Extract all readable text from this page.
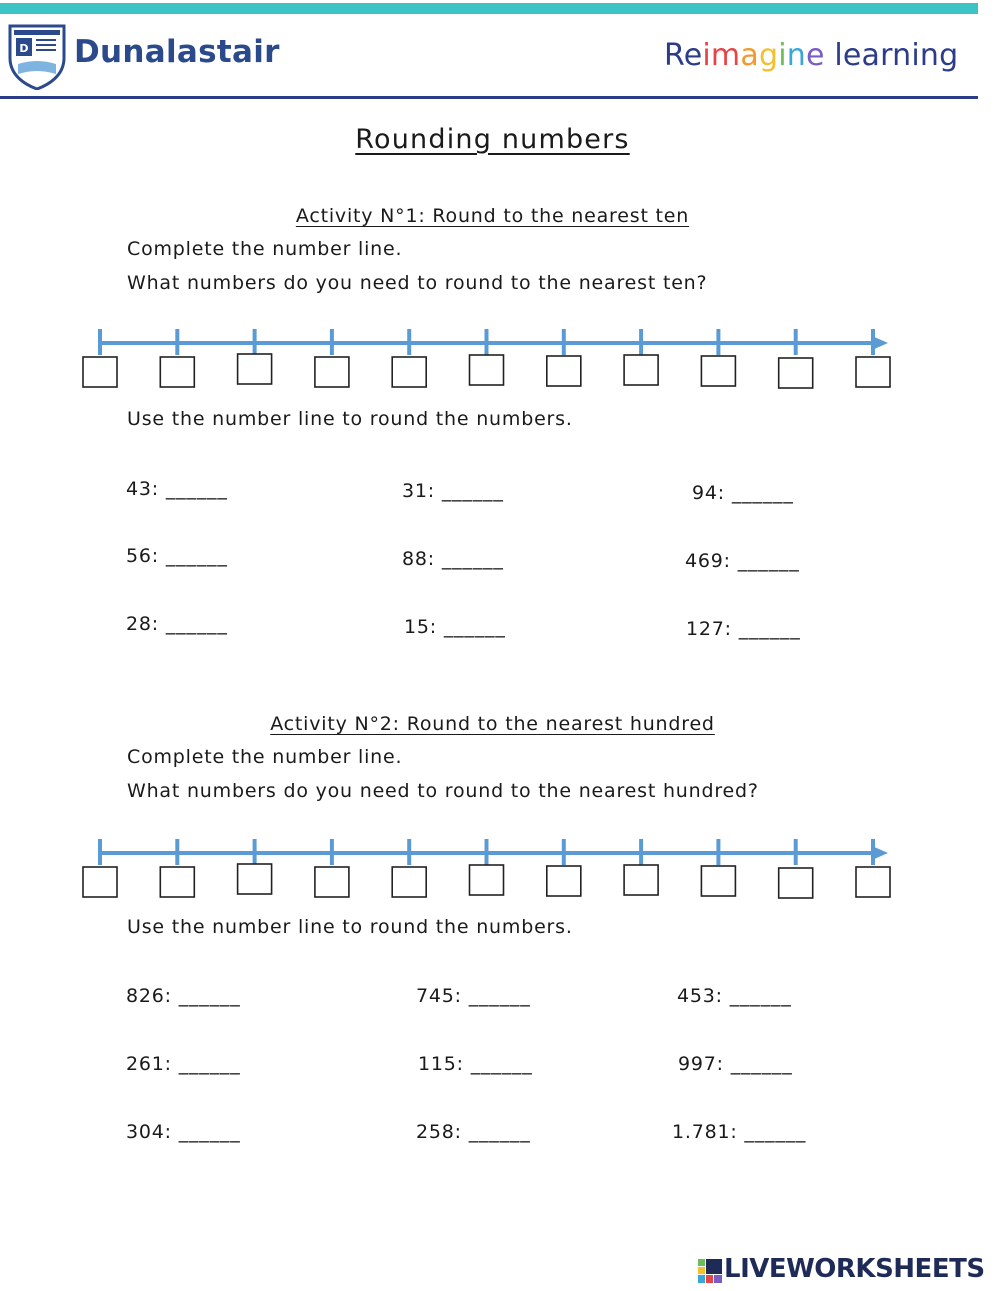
D Dunalastair	Reimagine learning
Rounding numbers
Activity N°1: Round to the nearest ten
Complete the number line.
What numbers do you need to round to the nearest ten?
Use the number line to round the numbers.
43: ______	31: ______	94: ______
56: ______	88: ______	469: ______
28: ______	15: ______	127: ______
Activity N°2: Round to the nearest hundred
Complete the number line.
What numbers do you need to round to the nearest hundred?
Use the number line to round the numbers.
826: ______	745: ______	453: ______
261: ______	115: ______	997: ______
304: ______	258: ______	1.781: ______
LIVEWORKSHEETS
